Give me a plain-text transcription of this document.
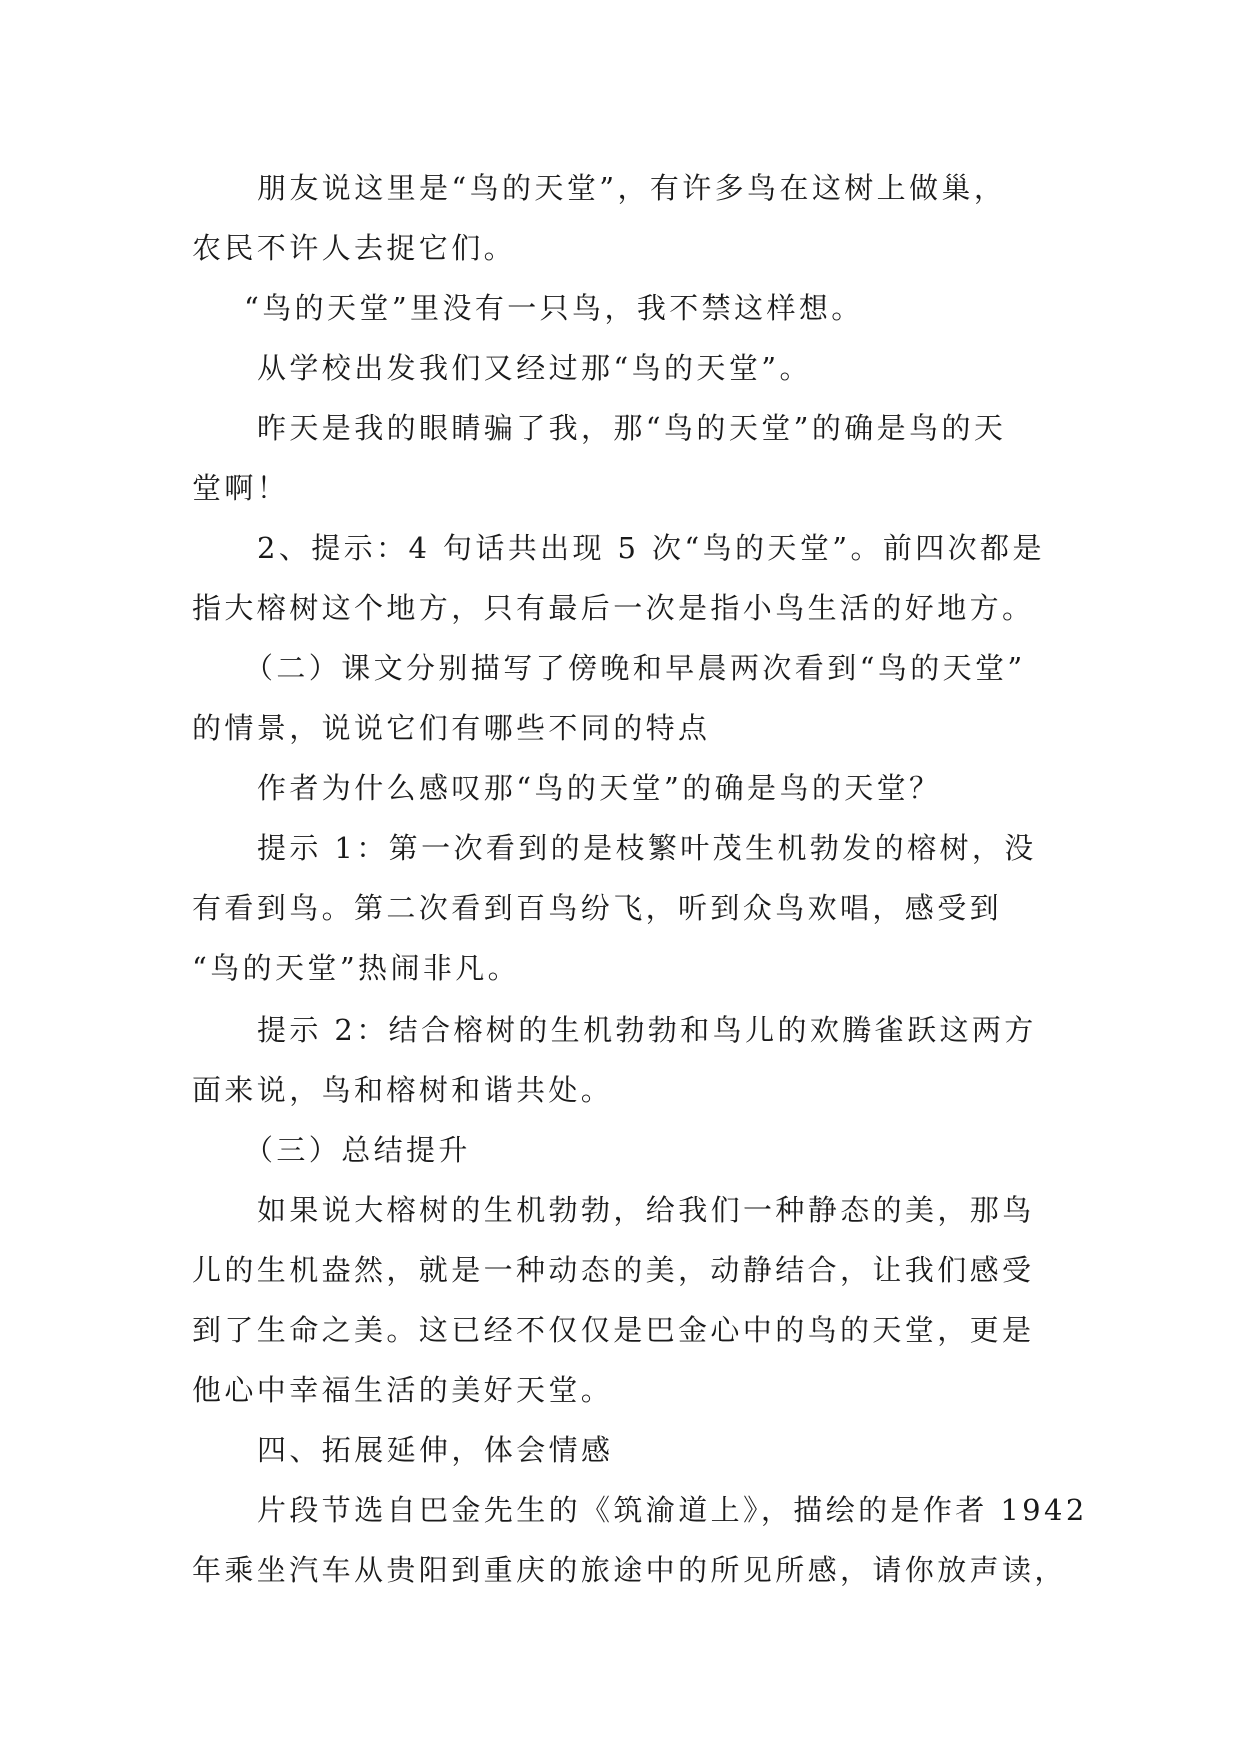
朋友说这里是“鸟的天堂”，有许多鸟在这树上做巢，
农民不许人去捉它们。
“鸟的天堂”里没有一只鸟，我不禁这样想。
从学校出发我们又经过那“鸟的天堂”。
昨天是我的眼睛骗了我，那“鸟的天堂”的确是鸟的天
堂啊！
2、提示：4 句话共出现 5 次“鸟的天堂”。前四次都是
指大榕树这个地方，只有最后一次是指小鸟生活的好地方。
（二）课文分别描写了傍晚和早晨两次看到“鸟的天堂”
的情景，说说它们有哪些不同的特点
作者为什么感叹那“鸟的天堂”的确是鸟的天堂？
提示 1：第一次看到的是枝繁叶茂生机勃发的榕树，没
有看到鸟。第二次看到百鸟纷飞，听到众鸟欢唱，感受到
“鸟的天堂”热闹非凡。
提示 2：结合榕树的生机勃勃和鸟儿的欢腾雀跃这两方
面来说，鸟和榕树和谐共处。
（三）总结提升
如果说大榕树的生机勃勃，给我们一种静态的美，那鸟
儿的生机盎然，就是一种动态的美，动静结合，让我们感受
到了生命之美。这已经不仅仅是巴金心中的鸟的天堂，更是
他心中幸福生活的美好天堂。
四、拓展延伸，体会情感
片段节选自巴金先生的《筑渝道上》，描绘的是作者 1942
年乘坐汽车从贵阳到重庆的旅途中的所见所感，请你放声读，
